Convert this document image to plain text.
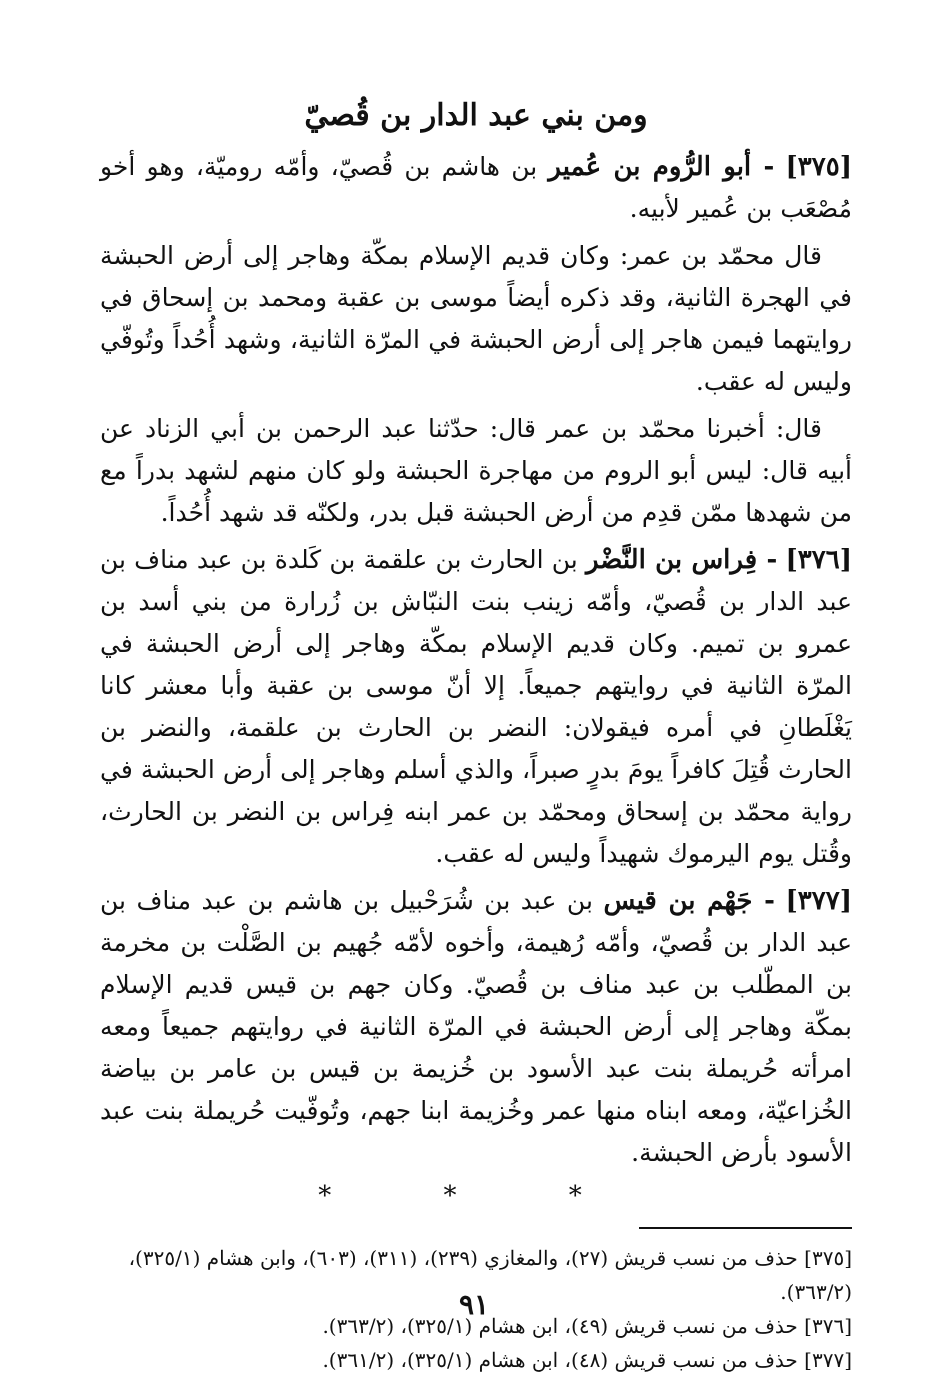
ومن بني عبد الدار بن قُصيّ
[٣٧٥] - أبو الرُّوم بن عُمير بن هاشم بن قُصيّ، وأمّه روميّة، وهو أخو مُصْعَب بن عُمير لأبيه.
قال محمّد بن عمر: وكان قديم الإسلام بمكّة وهاجر إلى أرض الحبشة في الهجرة الثانية، وقد ذكره أيضاً موسى بن عقبة ومحمد بن إسحاق في روايتهما فيمن هاجر إلى أرض الحبشة في المرّة الثانية، وشهد أُحُداً وتُوفّي وليس له عقب.
قال: أخبرنا محمّد بن عمر قال: حدّثنا عبد الرحمن بن أبي الزناد عن أبيه قال: ليس أبو الروم من مهاجرة الحبشة ولو كان منهم لشهد بدراً مع من شهدها ممّن قدِم من أرض الحبشة قبل بدر، ولكنّه قد شهد أُحُداً.
[٣٧٦] - فِراس بن النَّضْر بن الحارث بن علقمة بن كَلدة بن عبد مناف بن عبد الدار بن قُصيّ، وأمّه زينب بنت النبّاش بن زُرارة من بني أسد بن عمرو بن تميم. وكان قديم الإسلام بمكّة وهاجر إلى أرض الحبشة في المرّة الثانية في روايتهم جميعاً. إلا أنّ موسى بن عقبة وأبا معشر كانا يَغْلَطانِ في أمره فيقولان: النضر بن الحارث بن علقمة، والنضر بن الحارث قُتِلَ كافراً يومَ بدرٍ صبراً، والذي أسلم وهاجر إلى أرض الحبشة في رواية محمّد بن إسحاق ومحمّد بن عمر ابنه فِراس بن النضر بن الحارث، وقُتل يوم اليرموك شهيداً وليس له عقب.
[٣٧٧] - جَهْم بن قيس بن عبد بن شُرَحْبيل بن هاشم بن عبد مناف بن عبد الدار بن قُصيّ، وأمّه رُهيمة، وأخوه لأمّه جُهيم بن الصَّلْت بن مخرمة بن المطّلب بن عبد مناف بن قُصيّ. وكان جهم بن قيس قديم الإسلام بمكّة وهاجر إلى أرض الحبشة في المرّة الثانية في روايتهم جميعاً ومعه امرأته حُريملة بنت عبد الأسود بن خُزيمة بن قيس بن عامر بن بياضة الخُزاعيّة، ومعه ابناه منها عمر وخُزيمة ابنا جهم، وتُوفّيت حُريملة بنت عبد الأسود بأرض الحبشة.
* * *

[٣٧٥] حذف من نسب قريش (٢٧)، والمغازي (٢٣٩)، (٣١١)، (٦٠٣)، وابن هشام (٣٢٥/١)، (٣٦٣/٢).

[٣٧٦] حذف من نسب قريش (٤٩)، ابن هشام (٣٢٥/١)، (٣٦٣/٢).

[٣٧٧] حذف من نسب قريش (٤٨)، ابن هشام (٣٢٥/١)، (٣٦١/٢).

٩١
